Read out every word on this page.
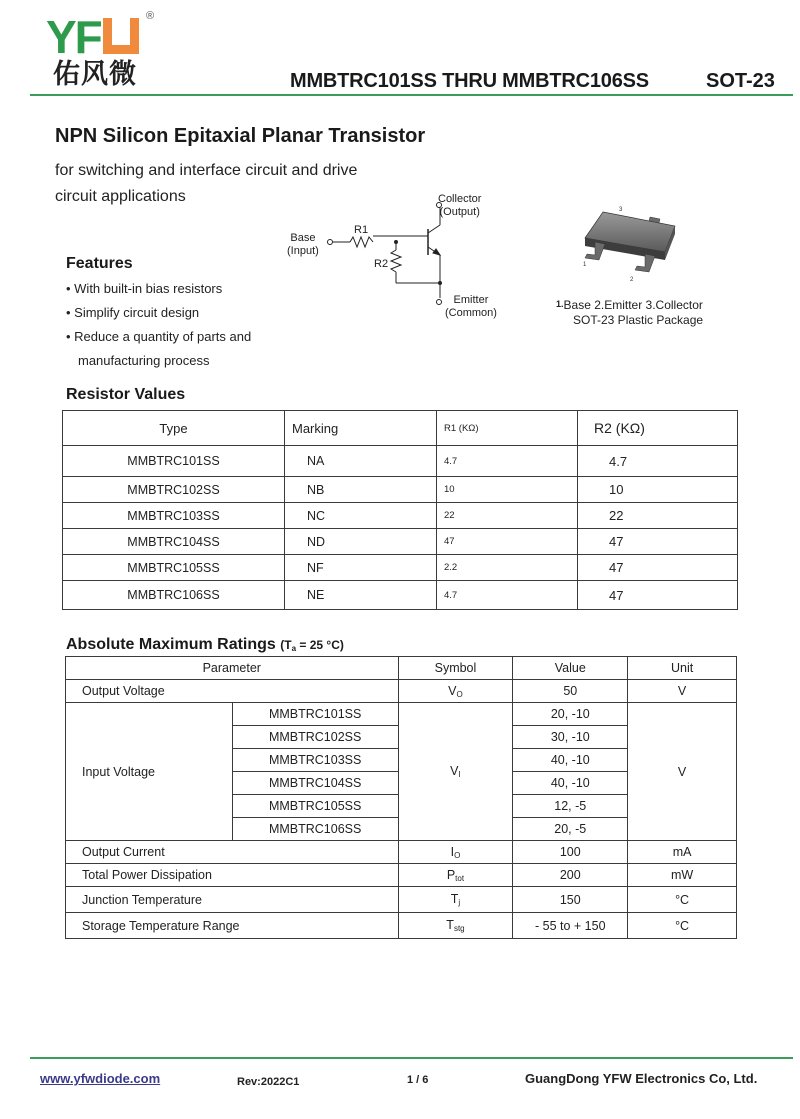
YF	®
佑风微	MMBTRC101SS THRU MMBTRC106SS	SOT-23
NPN Silicon Epitaxial Planar Transistor
for switching and interface circuit and drive
circuit applications	Collector
(Output)
Base
(Input)
R1
R2
Emitter
(Common)
3
1
2
1.Base 2.Emitter 3.Collector
SOT-23 Plastic Package
Features
• With built-in bias resistors
• Simplify circuit design
• Reduce a quantity of parts and
manufacturing process
Resistor Values
Type	Marking	R1 (KΩ)	R2 (KΩ)
MMBTRC101SS	NA	4.7	4.7
MMBTRC102SS	NB	10	10
MMBTRC103SS	NC	22	22
MMBTRC104SS	ND	47	47
MMBTRC105SS	NF	2.2	47
MMBTRC106SS	NE	4.7	47
Absolute Maximum Ratings ($T_a = 25$ °C)
Parameter		Symbol	Value	Unit
Output Voltage		$V_O$	50	V
Input Voltage	MMBTRC101SS	$V_I$	20, -10	V
	MMBTRC102SS		30, -10	
	MMBTRC103SS		40, -10	
	MMBTRC104SS		40, -10	
	MMBTRC105SS		12, -5	
	MMBTRC106SS		20, -5	
Output Current		$I_O$	100	mA
Total Power Dissipation		$P_{tot}$	200	mW
Junction Temperature		$T_j$	150	°C
Storage Temperature Range		$T_{stg}$	- 55 to + 150	°C
www.yfwdiode.com	Rev:2022C1	1 / 6	GuangDong YFW Electronics Co, Ltd.
